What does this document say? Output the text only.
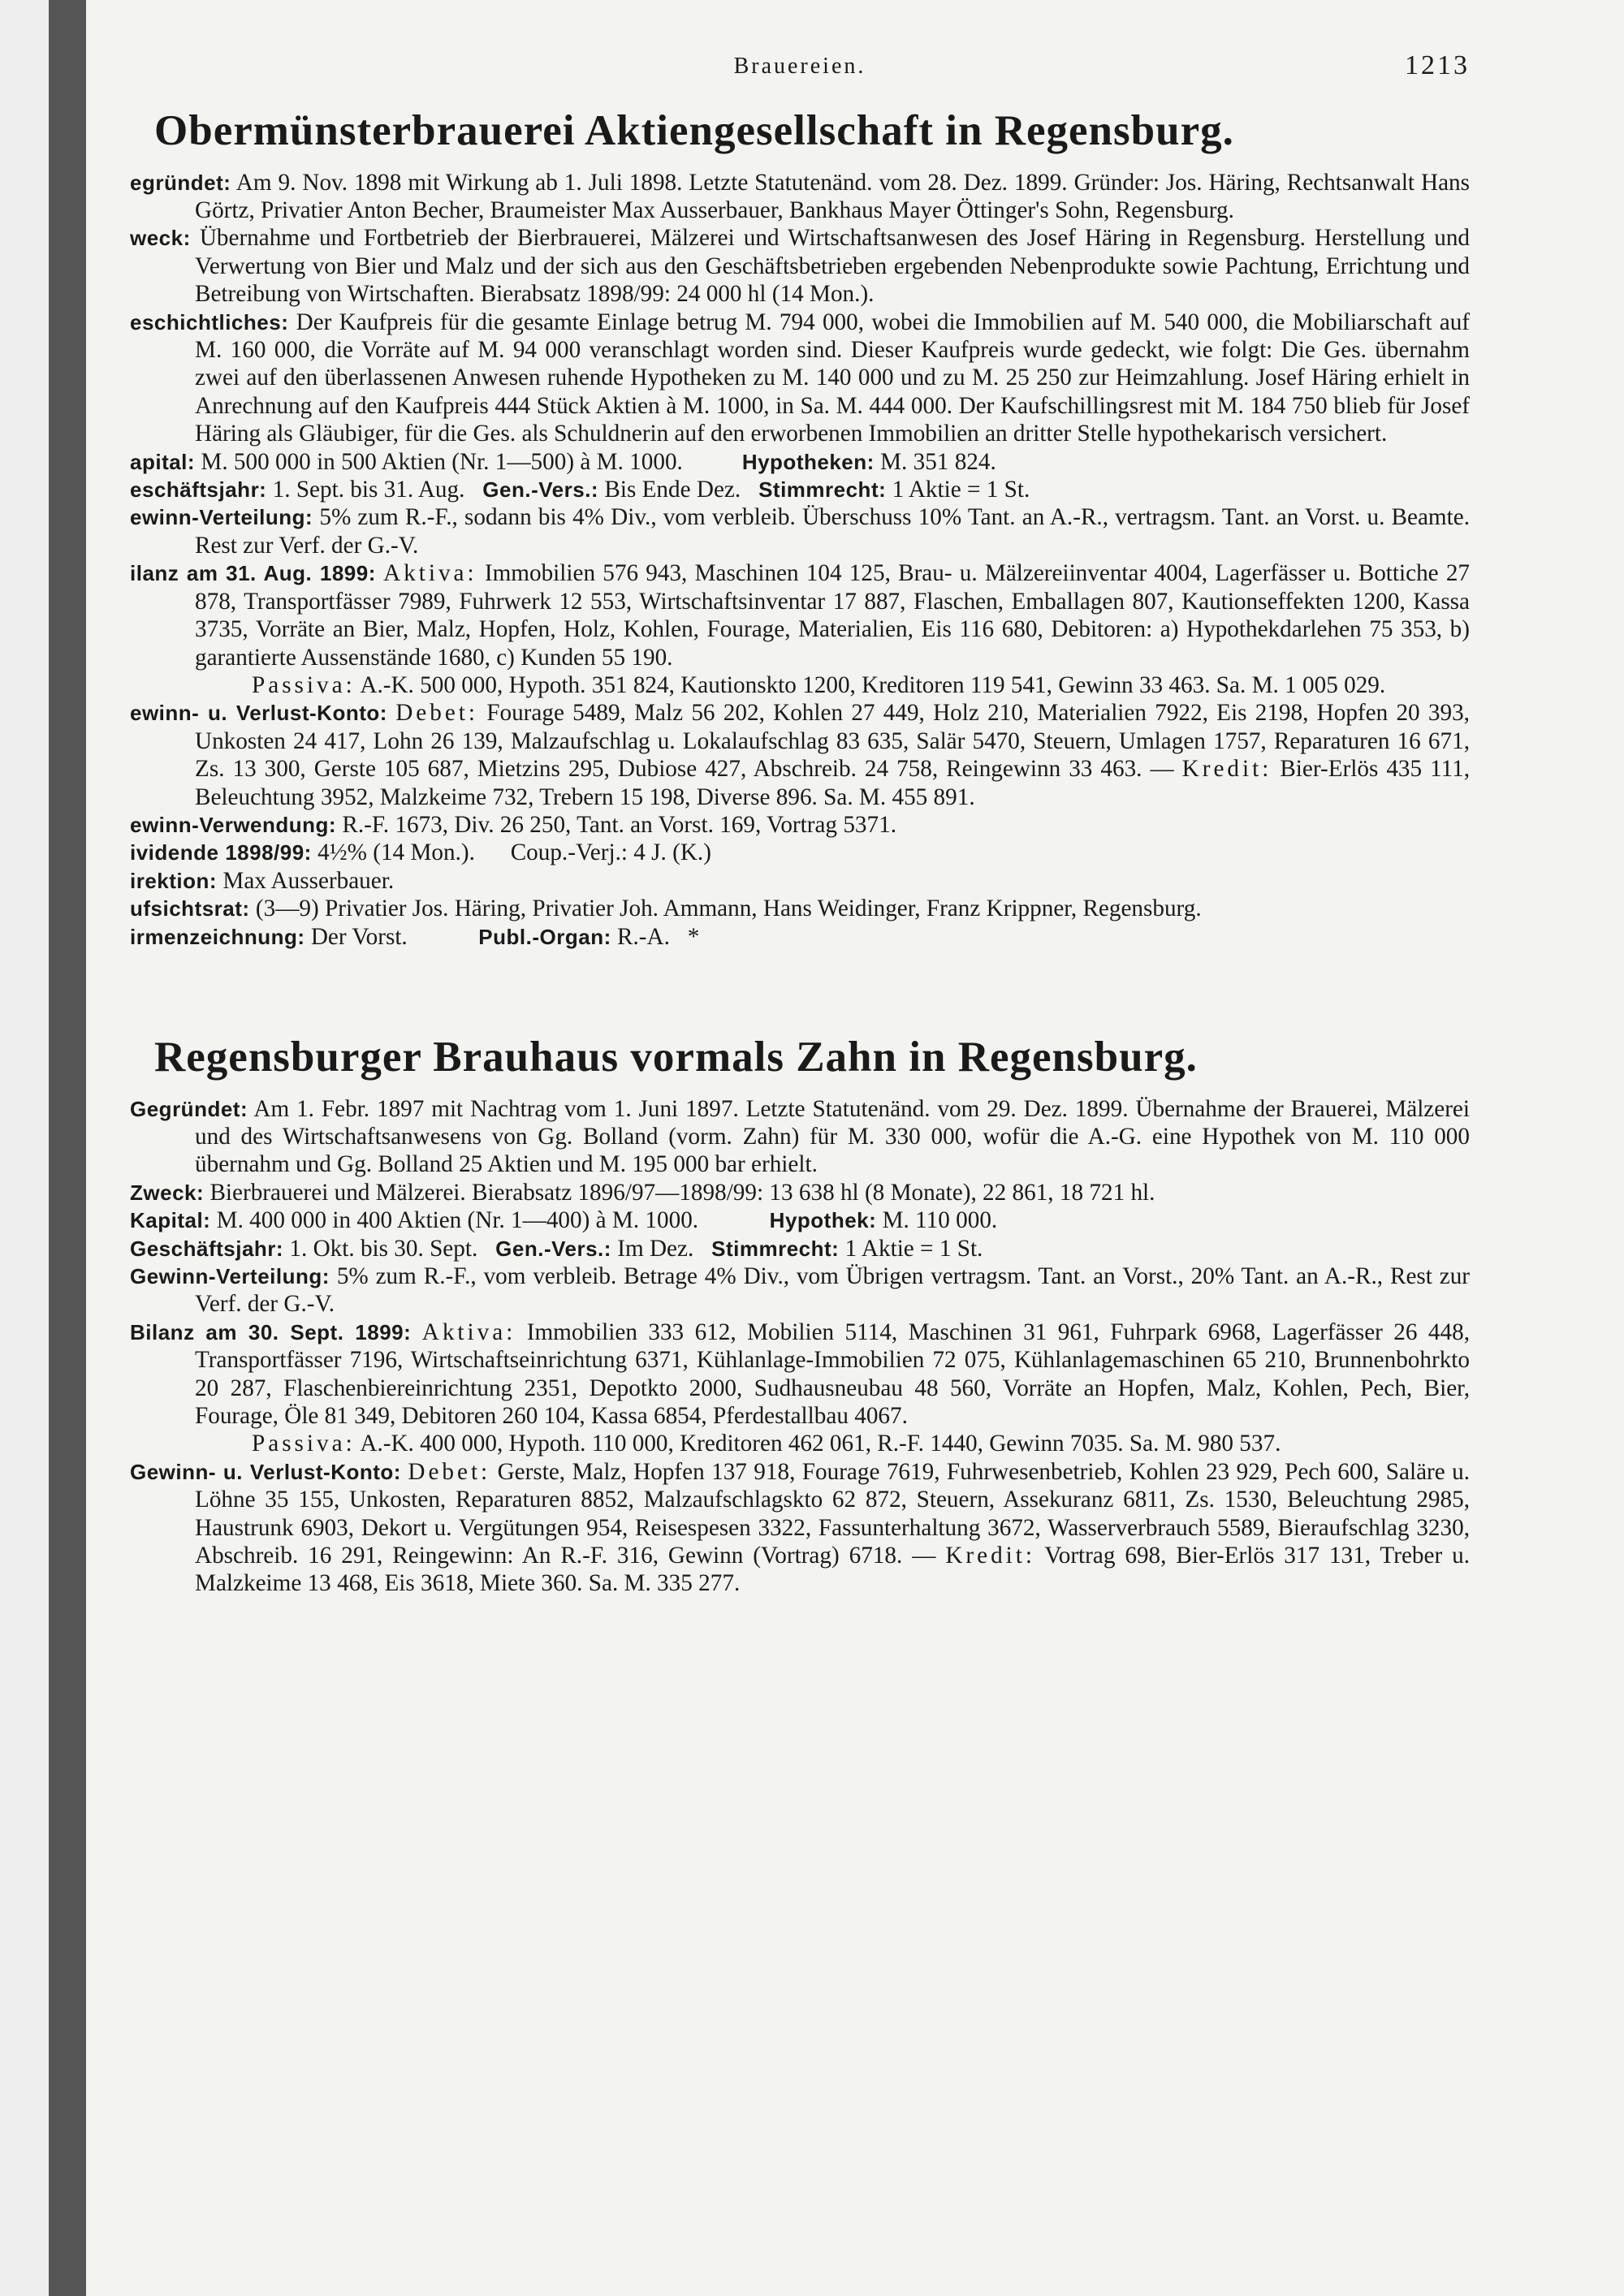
Brauereien.	1213
Obermünsterbrauerei Aktiengesellschaft in Regensburg.

egründet: Am 9. Nov. 1898 mit Wirkung ab 1. Juli 1898. Letzte Statutenänd. vom 28. Dez. 1899. Gründer: Jos. Häring, Rechtsanwalt Hans Görtz, Privatier Anton Becher, Braumeister Max Ausserbauer, Bankhaus Mayer Öttinger's Sohn, Regensburg.

weck: Übernahme und Fortbetrieb der Bierbrauerei, Mälzerei und Wirtschaftsanwesen des Josef Häring in Regensburg. Herstellung und Verwertung von Bier und Malz und der sich aus den Geschäftsbetrieben ergebenden Nebenprodukte sowie Pachtung, Errichtung und Betreibung von Wirtschaften. Bierabsatz 1898/99: 24 000 hl (14 Mon.).

eschichtliches: Der Kaufpreis für die gesamte Einlage betrug M. 794 000, wobei die Immobilien auf M. 540 000, die Mobiliarschaft auf M. 160 000, die Vorräte auf M. 94 000 veranschlagt worden sind. Dieser Kaufpreis wurde gedeckt, wie folgt: Die Ges. übernahm zwei auf den überlassenen Anwesen ruhende Hypotheken zu M. 140 000 und zu M. 25 250 zur Heimzahlung. Josef Häring erhielt in Anrechnung auf den Kaufpreis 444 Stück Aktien à M. 1000, in Sa. M. 444 000. Der Kaufschillingsrest mit M. 184 750 blieb für Josef Häring als Gläubiger, für die Ges. als Schuldnerin auf den erworbenen Immobilien an dritter Stelle hypothekarisch versichert.

apital: M. 500 000 in 500 Aktien (Nr. 1—500) à M. 1000.	Hypotheken: M. 351 824.

eschäftsjahr: 1. Sept. bis 31. Aug. Gen.-Vers.: Bis Ende Dez. Stimmrecht: 1 Aktie = 1 St.

ewinn-Verteilung: 5% zum R.-F., sodann bis 4% Div., vom verbleib. Überschuss 10% Tant. an A.-R., vertragsm. Tant. an Vorst. u. Beamte. Rest zur Verf. der G.-V.

ilanz am 31. Aug. 1899: Aktiva: Immobilien 576 943, Maschinen 104 125, Brau- u. Mälzereiinventar 4004, Lagerfässer u. Bottiche 27 878, Transportfässer 7989, Fuhrwerk 12 553, Wirtschaftsinventar 17 887, Flaschen, Emballagen 807, Kautionseffekten 1200, Kassa 3735, Vorräte an Bier, Malz, Hopfen, Holz, Kohlen, Fourage, Materialien, Eis 116 680, Debitoren: a) Hypothekdarlehen 75 353, b) garantierte Aussenstände 1680, c) Kunden 55 190.

Passiva: A.-K. 500 000, Hypoth. 351 824, Kautionskto 1200, Kreditoren 119 541, Gewinn 33 463. Sa. M. 1 005 029.

ewinn- u. Verlust-Konto: Debet: Fourage 5489, Malz 56 202, Kohlen 27 449, Holz 210, Materialien 7922, Eis 2198, Hopfen 20 393, Unkosten 24 417, Lohn 26 139, Malzaufschlag u. Lokalaufschlag 83 635, Salär 5470, Steuern, Umlagen 1757, Reparaturen 16 671, Zs. 13 300, Gerste 105 687, Mietzins 295, Dubiose 427, Abschreib. 24 758, Reingewinn 33 463. — Kredit: Bier-Erlös 435 111, Beleuchtung 3952, Malzkeime 732, Trebern 15 198, Diverse 896. Sa. M. 455 891.

ewinn-Verwendung: R.-F. 1673, Div. 26 250, Tant. an Vorst. 169, Vortrag 5371.

ividende 1898/99: 4½% (14 Mon.). Coup.-Verj.: 4 J. (K.)

irektion: Max Ausserbauer.

ufsichtsrat: (3—9) Privatier Jos. Häring, Privatier Joh. Ammann, Hans Weidinger, Franz Krippner, Regensburg.

irmenzeichnung: Der Vorst.	Publ.-Organ: R.-A. *

Regensburger Brauhaus vormals Zahn in Regensburg.

Gegründet: Am 1. Febr. 1897 mit Nachtrag vom 1. Juni 1897. Letzte Statutenänd. vom 29. Dez. 1899. Übernahme der Brauerei, Mälzerei und des Wirtschaftsanwesens von Gg. Bolland (vorm. Zahn) für M. 330 000, wofür die A.-G. eine Hypothek von M. 110 000 übernahm und Gg. Bolland 25 Aktien und M. 195 000 bar erhielt.

Zweck: Bierbrauerei und Mälzerei. Bierabsatz 1896/97—1898/99: 13 638 hl (8 Monate), 22 861, 18 721 hl.

Kapital: M. 400 000 in 400 Aktien (Nr. 1—400) à M. 1000.	Hypothek: M. 110 000.

Geschäftsjahr: 1. Okt. bis 30. Sept. Gen.-Vers.: Im Dez. Stimmrecht: 1 Aktie = 1 St.

Gewinn-Verteilung: 5% zum R.-F., vom verbleib. Betrage 4% Div., vom Übrigen vertragsm. Tant. an Vorst., 20% Tant. an A.-R., Rest zur Verf. der G.-V.

Bilanz am 30. Sept. 1899: Aktiva: Immobilien 333 612, Mobilien 5114, Maschinen 31 961, Fuhrpark 6968, Lagerfässer 26 448, Transportfässer 7196, Wirtschaftseinrichtung 6371, Kühlanlage-Immobilien 72 075, Kühlanlagemaschinen 65 210, Brunnenbohrkto 20 287, Flaschenbiereinrichtung 2351, Depotkto 2000, Sudhausneubau 48 560, Vorräte an Hopfen, Malz, Kohlen, Pech, Bier, Fourage, Öle 81 349, Debitoren 260 104, Kassa 6854, Pferdestallbau 4067.

Passiva: A.-K. 400 000, Hypoth. 110 000, Kreditoren 462 061, R.-F. 1440, Gewinn 7035. Sa. M. 980 537.

Gewinn- u. Verlust-Konto: Debet: Gerste, Malz, Hopfen 137 918, Fourage 7619, Fuhrwesenbetrieb, Kohlen 23 929, Pech 600, Saläre u. Löhne 35 155, Unkosten, Reparaturen 8852, Malzaufschlagskto 62 872, Steuern, Assekuranz 6811, Zs. 1530, Beleuchtung 2985, Haustrunk 6903, Dekort u. Vergütungen 954, Reisespesen 3322, Fassunterhaltung 3672, Wasserverbrauch 5589, Bieraufschlag 3230, Abschreib. 16 291, Reingewinn: An R.-F. 316, Gewinn (Vortrag) 6718. — Kredit: Vortrag 698, Bier-Erlös 317 131, Treber u. Malzkeime 13 468, Eis 3618, Miete 360. Sa. M. 335 277.
